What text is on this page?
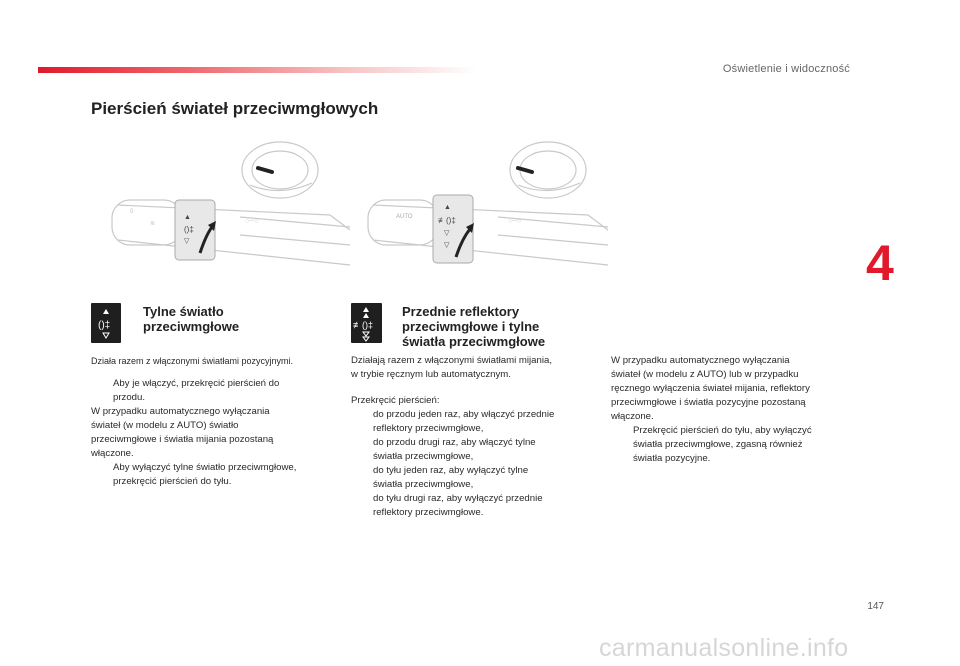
Oświetlenie i widoczność
Pierścień świateł przeciwmgłowych
4
○─○
0
≋
▲
()‡
▽
○─○
AUTO
▲
≢()‡
▽
▽
()‡
Tylne światło
przeciwmgłowe
Działa razem z włączonymi światłami pozycyjnymi.
Aby je włączyć, przekręcić pierścień do
przodu.
W przypadku automatycznego wyłączania
świateł (w modelu z AUTO) światło
przeciwmgłowe i światła mijania pozostaną
włączone.
Aby wyłączyć tylne światło przeciwmgłowe,
przekręcić pierścień do tyłu.
≢()‡
Przednie reflektory
przeciwmgłowe i tylne
światła przeciwmgłowe
Działają razem z włączonymi światłami mijania,
w trybie ręcznym lub automatycznym.
Przekręcić pierścień:
do przodu jeden raz, aby włączyć przednie
reflektory przeciwmgłowe,
do przodu drugi raz, aby włączyć tylne
światła przeciwmgłowe,
do tyłu jeden raz, aby wyłączyć tylne
światła przeciwmgłowe,
do tyłu drugi raz, aby wyłączyć przednie
reflektory przeciwmgłowe.
W przypadku automatycznego wyłączania
świateł (w modelu z AUTO) lub w przypadku
ręcznego wyłączenia świateł mijania, reflektory
przeciwmgłowe i światła pozycyjne pozostaną
włączone.
Przekręcić pierścień do tyłu, aby wyłączyć
światła przeciwmgłowe, zgasną również
światła pozycyjne.
147
carmanualsonline.info
